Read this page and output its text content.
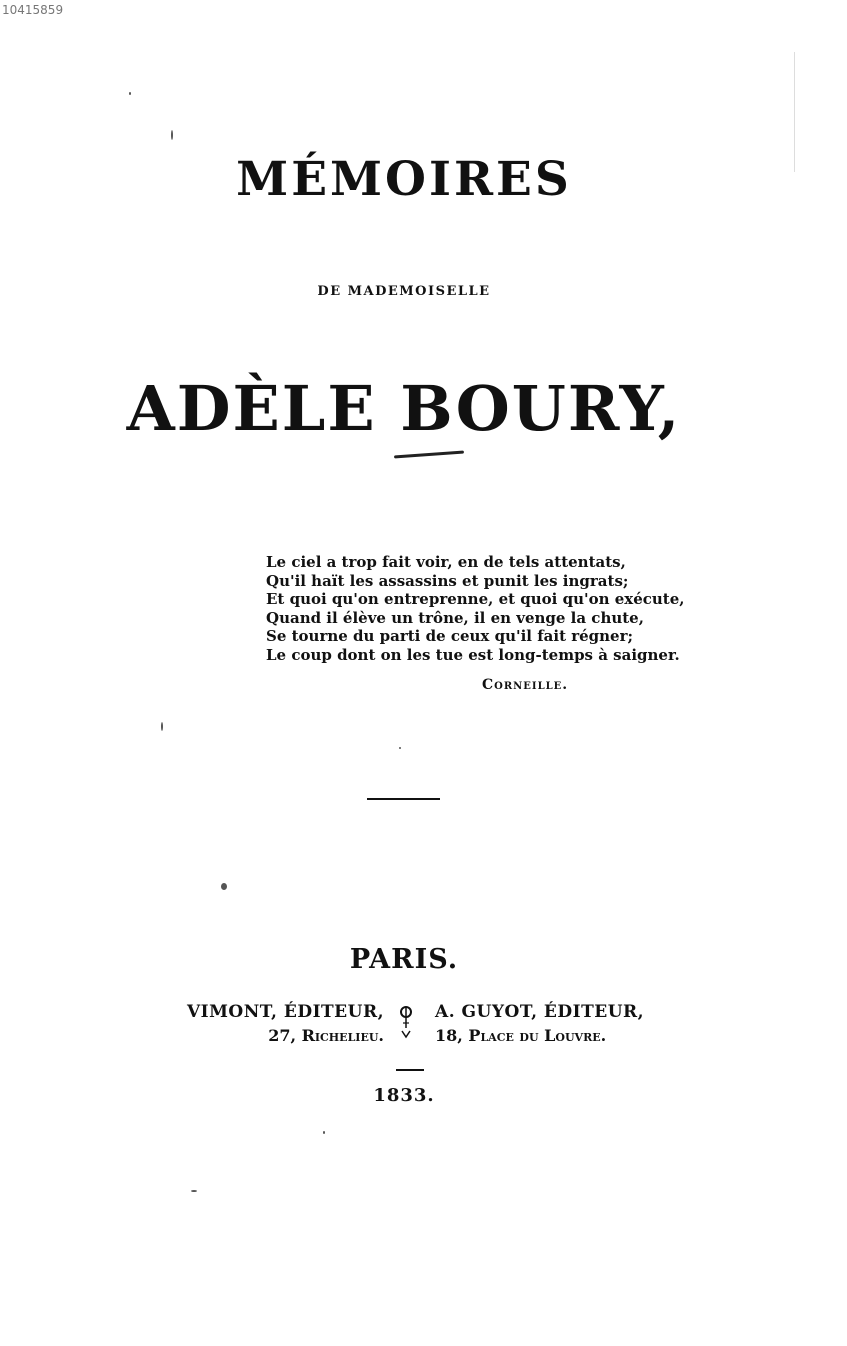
10415859
MÉMOIRES
DE MADEMOISELLE
ADÈLE BOURY,
Le ciel a trop fait voir, en de tels attentats,
Qu'il haït les assassins et punit les ingrats;
Et quoi qu'on entreprenne, et quoi qu'on exécute,
Quand il élève un trône, il en venge la chute,
Se tourne du parti de ceux qu'il fait régner;
Le coup dont on les tue est long-temps à saigner.
Corneille.
PARIS.
VIMONT, ÉDITEUR,
27, Richelieu.
A. GUYOT, ÉDITEUR,
18, Place du Louvre.
1833.
